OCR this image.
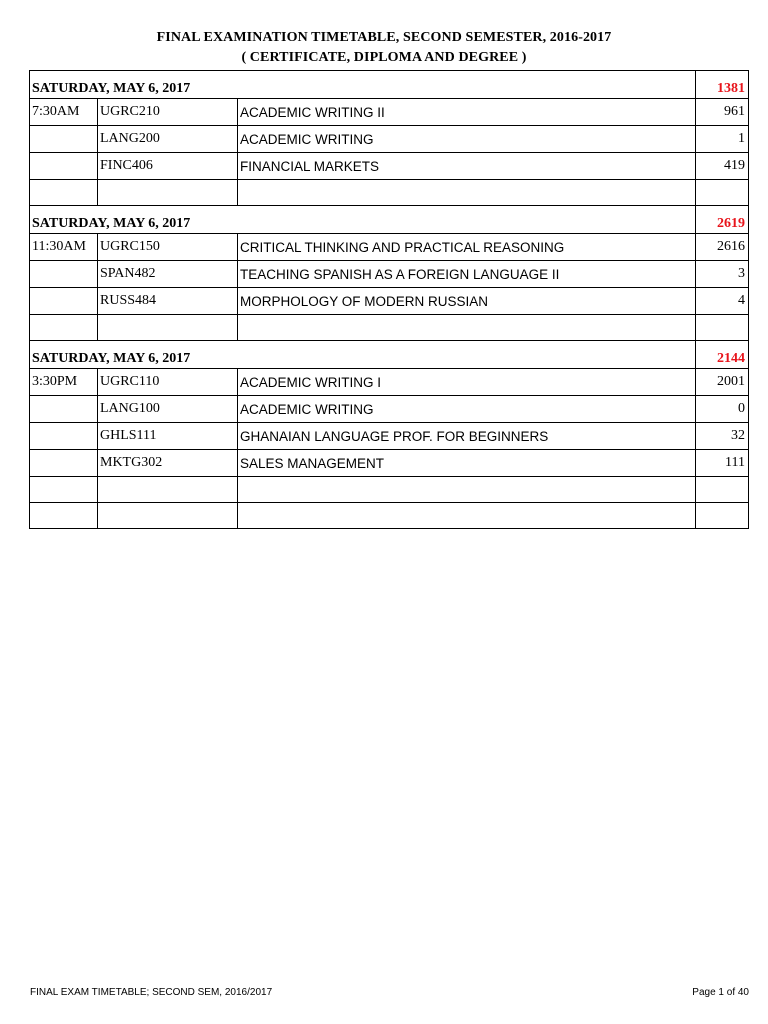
FINAL EXAMINATION TIMETABLE, SECOND SEMESTER, 2016-2017
( CERTIFICATE, DIPLOMA AND DEGREE )
SATURDAY, MAY 6, 2017			1381
7:30AM	UGRC210	ACADEMIC WRITING II	961
	LANG200	ACADEMIC WRITING	1
	FINC406	FINANCIAL MARKETS	419

SATURDAY, MAY 6, 2017			2619
11:30AM	UGRC150	CRITICAL THINKING AND PRACTICAL REASONING	2616
	SPAN482	TEACHING SPANISH AS A FOREIGN LANGUAGE II	3
	RUSS484	MORPHOLOGY OF MODERN RUSSIAN	4

SATURDAY, MAY 6, 2017			2144
3:30PM	UGRC110	ACADEMIC WRITING I	2001
	LANG100	ACADEMIC WRITING	0
	GHLS111	GHANAIAN LANGUAGE PROF. FOR BEGINNERS	32
	MKTG302	SALES MANAGEMENT	111

FINAL EXAM TIMETABLE; SECOND SEM, 2016/2017	Page 1 of 40
